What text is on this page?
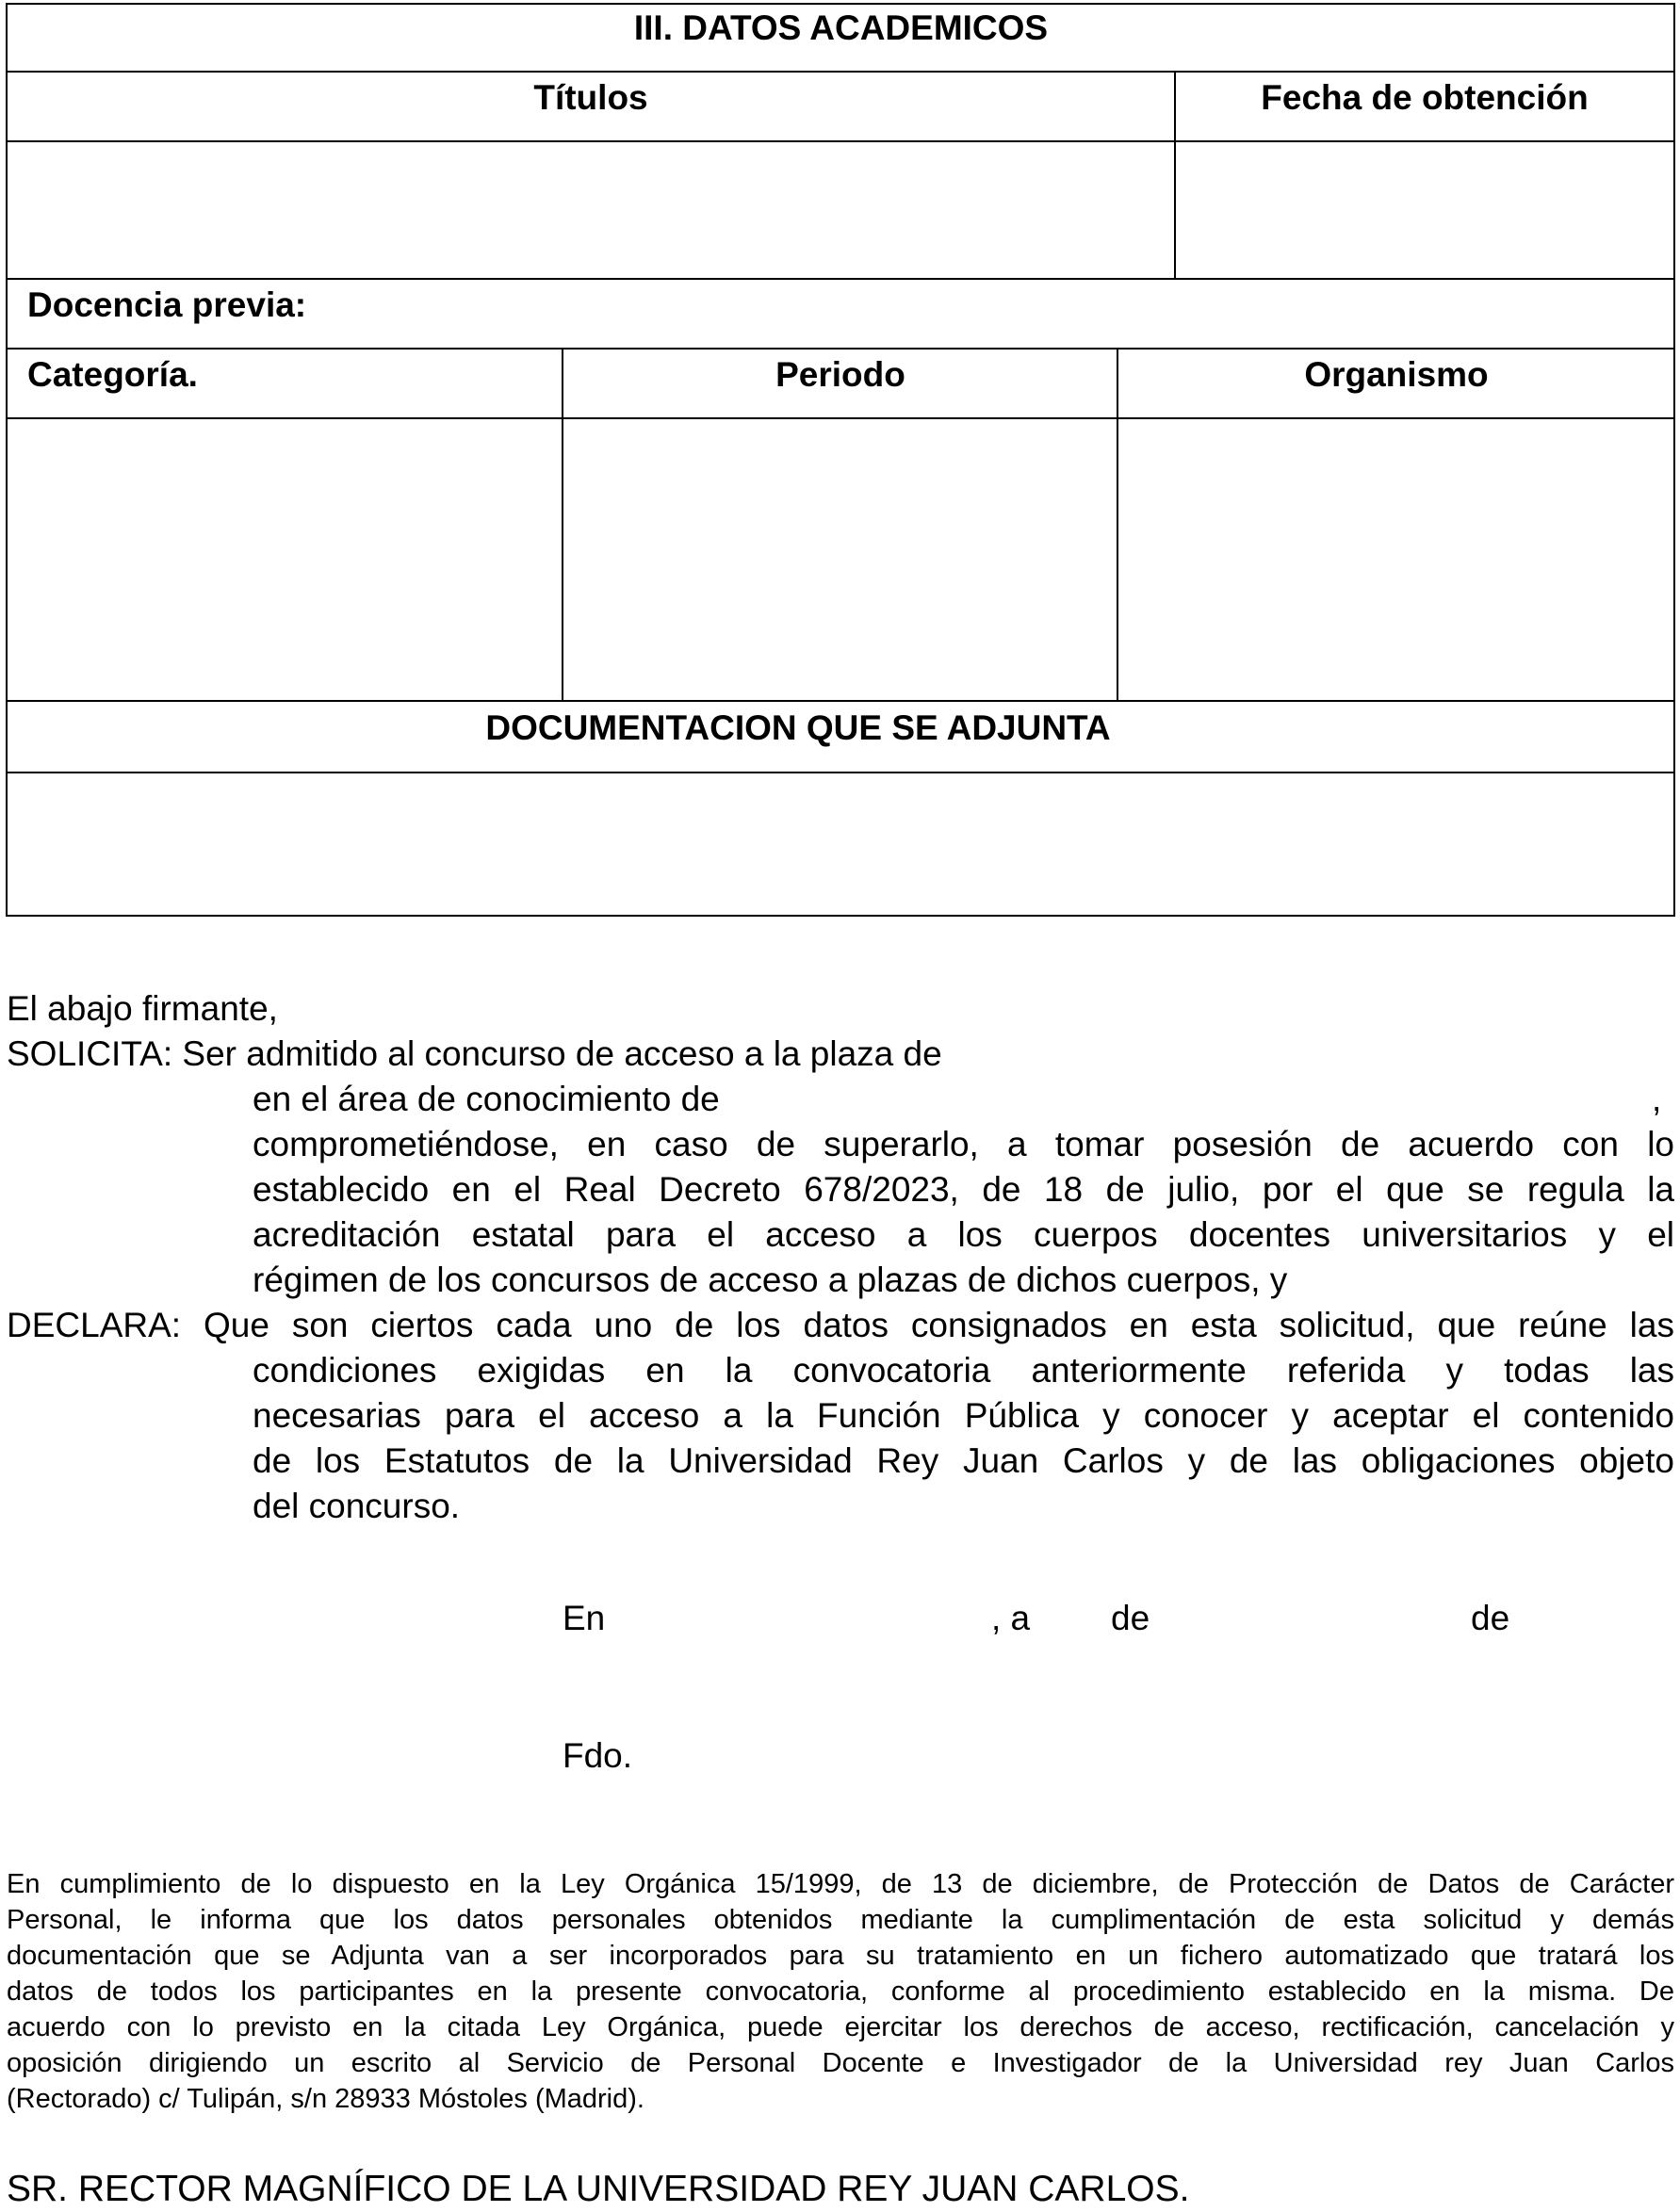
III. DATOS ACADEMICOS
Títulos	Fecha de obtención
Docencia previa:
Categoría.	Periodo	Organismo
DOCUMENTACION QUE SE ADJUNTA
El abajo firmante,
SOLICITA: Ser admitido al concurso de acceso a la plaza de
en el área de conocimiento de	,
comprometiéndose, en caso de superarlo, a tomar posesión de acuerdo con lo
establecido en el Real Decreto 678/2023, de 18 de julio, por el que se regula la
acreditación estatal para el acceso a los cuerpos docentes universitarios y el
régimen de los concursos de acceso a plazas de dichos cuerpos, y
DECLARA: Que son ciertos cada uno de los datos consignados en esta solicitud, que reúne las
condiciones exigidas en la convocatoria anteriormente referida y todas las
necesarias para el acceso a la Función Pública y conocer y aceptar el contenido
de los Estatutos de la Universidad Rey Juan Carlos y de las obligaciones objeto
del concurso.
En	, a de	de
Fdo.
En cumplimiento de lo dispuesto en la Ley Orgánica 15/1999, de 13 de diciembre, de Protección de Datos de Carácter
Personal, le informa que los datos personales obtenidos mediante la cumplimentación de esta solicitud y demás
documentación que se Adjunta van a ser incorporados para su tratamiento en un fichero automatizado que tratará los
datos de todos los participantes en la presente convocatoria, conforme al procedimiento establecido en la misma. De
acuerdo con lo previsto en la citada Ley Orgánica, puede ejercitar los derechos de acceso, rectificación, cancelación y
oposición dirigiendo un escrito al Servicio de Personal Docente e Investigador de la Universidad rey Juan Carlos
(Rectorado) c/ Tulipán, s/n 28933 Móstoles (Madrid).
SR. RECTOR MAGNÍFICO DE LA UNIVERSIDAD REY JUAN CARLOS.
